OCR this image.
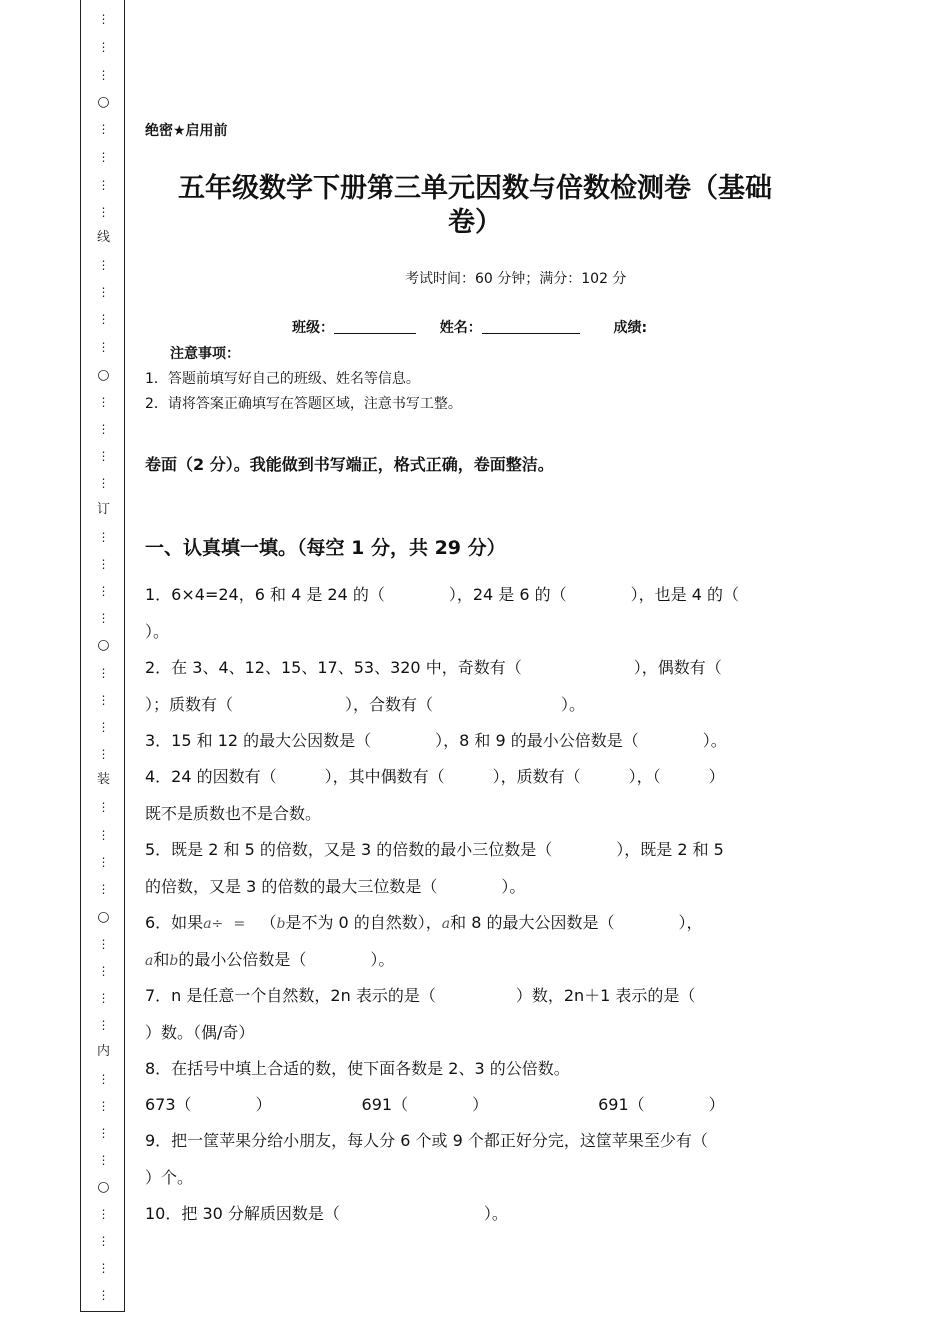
⋮
⋮
⋮
○
⋮
⋮
⋮
⋮
线
⋮
⋮
⋮
⋮
○
⋮
⋮
⋮
⋮
订
⋮
⋮
⋮
⋮
○
⋮
⋮
⋮
⋮
装
⋮
⋮
⋮
⋮
○
⋮
⋮
⋮
⋮
内
⋮
⋮
⋮
⋮
○
⋮
⋮
⋮
⋮
绝密★启用前
五年级数学下册第三单元因数与倍数检测卷（基础
卷）
考试时间：60 分钟；满分：102 分
班级：	姓名：	成绩:
注意事项：
1．答题前填写好自己的班级、姓名等信息。
2．请将答案正确填写在答题区域，注意书写工整。
卷面（2 分）。我能做到书写端正，格式正确，卷面整洁。
一、认真填一填。（每空 1 分，共 29 分）
1．6×4=24，6 和 4 是 24 的（　　　　），24 是 6 的（　　　　），也是 4 的（
）。
2．在 3、4、12、15、17、53、320 中，奇数有（　　　　　　　），偶数有（
）；质数有（　　　　　　　），合数有（　　　　　　　　）。
3．15 和 12 的最大公因数是（　　　　），8 和 9 的最小公倍数是（　　　　）。
4．24 的因数有（　　　），其中偶数有（　　　），质数有（　　　），（　　　）
既不是质数也不是合数。
5．既是 2 和 5 的倍数，又是 3 的倍数的最小三位数是（　　　　），既是 2 和 5
的倍数，又是 3 的倍数的最大三位数是（　　　　）。
6．如果a÷ = （b是不为 0 的自然数），a和 8 的最大公因数是（　　　　），
a和b的最小公倍数是（　　　　）。
7．n 是任意一个自然数，2n 表示的是（　　　　　）数，2n＋1 表示的是（
）数。（偶/奇）
8．在括号中填上合适的数，使下面各数是 2、3 的公倍数。
673（　　　　）	691（　　　　）	691（　　　　）
9．把一筐苹果分给小朋友，每人分 6 个或 9 个都正好分完，这筐苹果至少有（
）个。
10．把 30 分解质因数是（　　　　　　　　　）。
